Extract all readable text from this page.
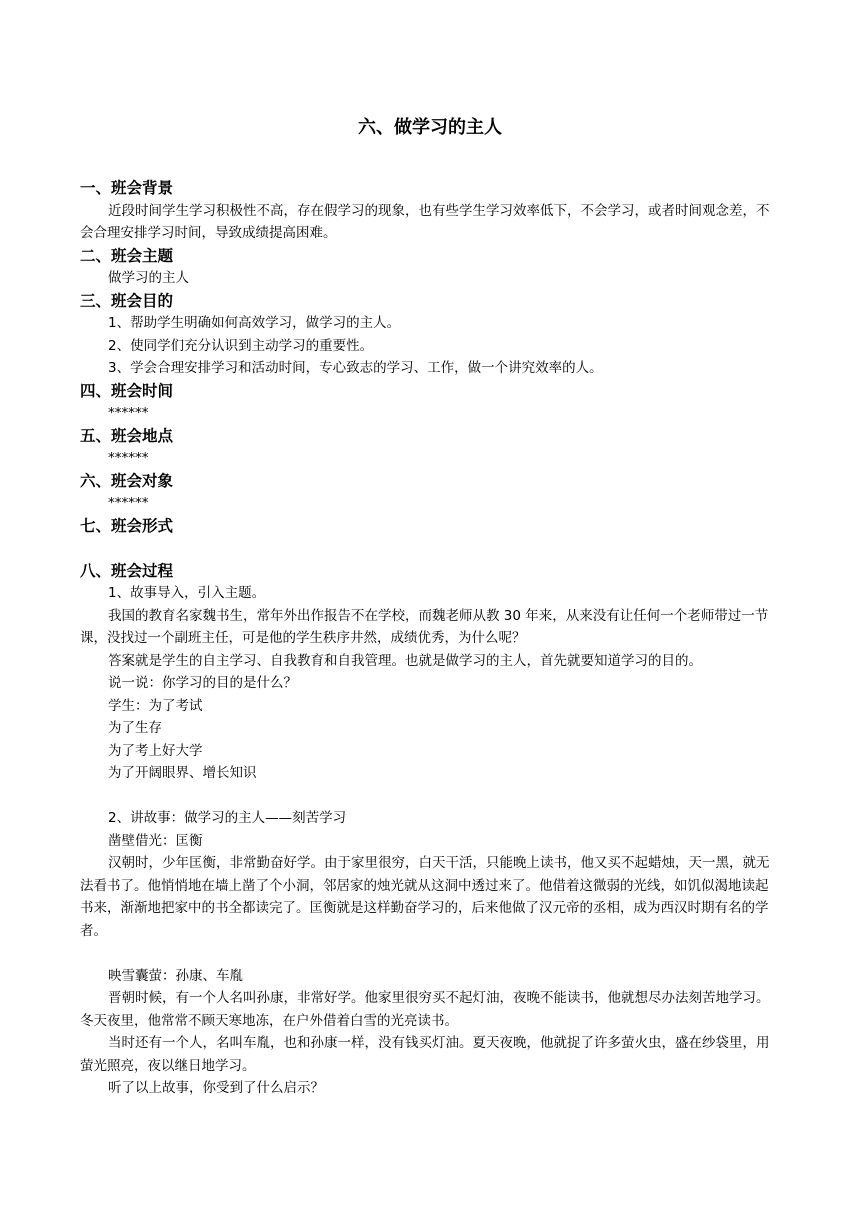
六、做学习的主人
一、班会背景
近段时间学生学习积极性不高，存在假学习的现象，也有些学生学习效率低下，不会学习，或者时间观念差，不会合理安排学习时间，导致成绩提高困难。
二、班会主题
做学习的主人
三、班会目的
1、帮助学生明确如何高效学习，做学习的主人。
2、使同学们充分认识到主动学习的重要性。
3、学会合理安排学习和活动时间，专心致志的学习、工作，做一个讲究效率的人。
四、班会时间
******
五、班会地点
******
六、班会对象
******
七、班会形式
八、班会过程
1、故事导入，引入主题。
我国的教育名家魏书生，常年外出作报告不在学校，而魏老师从教 30 年来，从来没有让任何一个老师带过一节课，没找过一个副班主任，可是他的学生秩序井然，成绩优秀，为什么呢？
答案就是学生的自主学习、自我教育和自我管理。也就是做学习的主人，首先就要知道学习的目的。
说一说：你学习的目的是什么？
学生：为了考试
为了生存
为了考上好大学
为了开阔眼界、增长知识
2、讲故事：做学习的主人——刻苦学习
凿壁借光：匡衡
汉朝时，少年匡衡，非常勤奋好学。由于家里很穷，白天干活，只能晚上读书，他又买不起蜡烛，天一黑，就无法看书了。他悄悄地在墙上凿了个小洞，邻居家的烛光就从这洞中透过来了。他借着这微弱的光线，如饥似渴地读起书来，渐渐地把家中的书全都读完了。匡衡就是这样勤奋学习的，后来他做了汉元帝的丞相，成为西汉时期有名的学者。
映雪囊萤：孙康、车胤
晋朝时候，有一个人名叫孙康，非常好学。他家里很穷买不起灯油，夜晚不能读书，他就想尽办法刻苦地学习。冬天夜里，他常常不顾天寒地冻，在户外借着白雪的光亮读书。
当时还有一个人，名叫车胤，也和孙康一样，没有钱买灯油。夏天夜晚，他就捉了许多萤火虫，盛在纱袋里，用萤光照亮，夜以继日地学习。
听了以上故事，你受到了什么启示？
